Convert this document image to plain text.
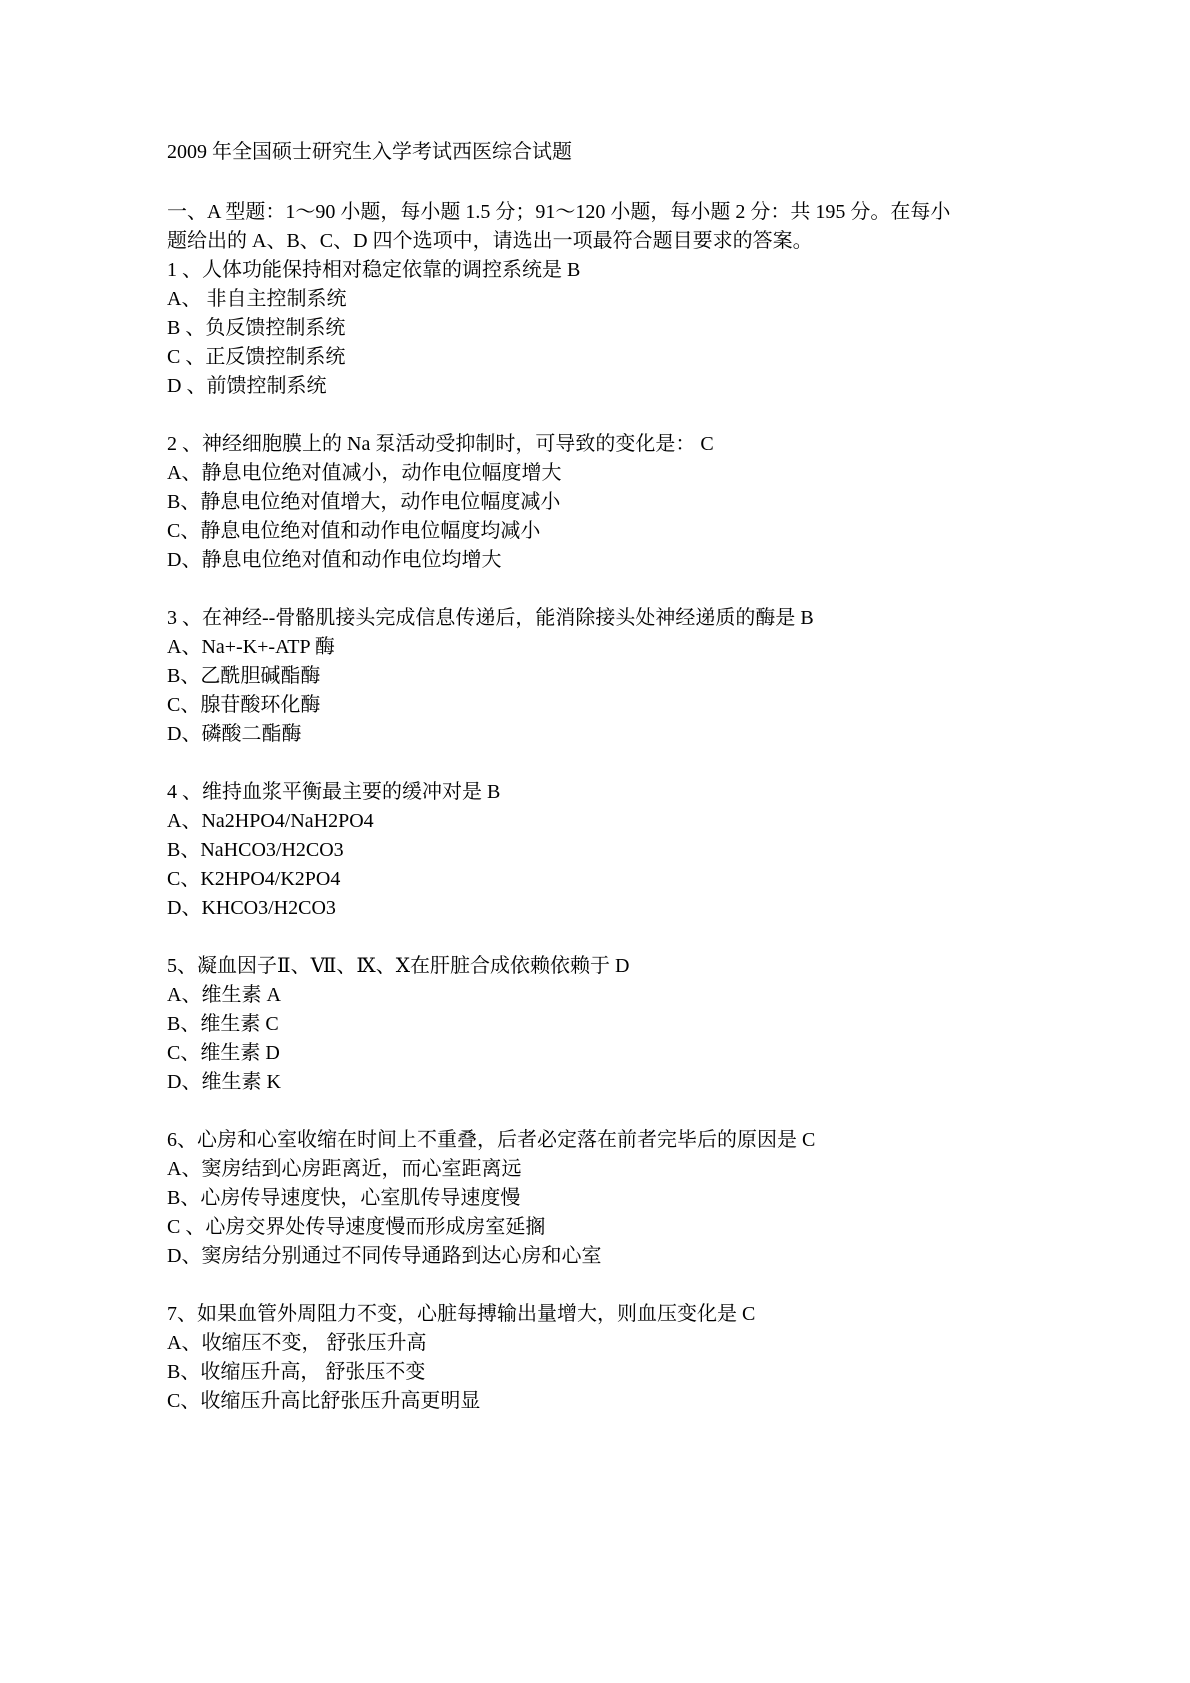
2009 年全国硕士研究生入学考试西医综合试题

一、A 型题：1～90 小题，每小题 1.5 分；91～120 小题，每小题 2 分：共 195 分。在每小

题给出的 A、B、C、D 四个选项中，请选出一项最符合题目要求的答案。

1 、人体功能保持相对稳定依靠的调控系统是 B

A、 非自主控制系统

B 、负反馈控制系统

C 、正反馈控制系统

D 、前馈控制系统

2 、神经细胞膜上的 Na 泵活动受抑制时，可导致的变化是： C

A、静息电位绝对值减小，动作电位幅度增大

B、静息电位绝对值增大，动作电位幅度减小

C、静息电位绝对值和动作电位幅度均减小

D、静息电位绝对值和动作电位均增大

3 、在神经--骨骼肌接头完成信息传递后，能消除接头处神经递质的酶是 B

A、Na+-K+-ATP 酶

B、乙酰胆碱酯酶

C、腺苷酸环化酶

D、磷酸二酯酶

4 、维持血浆平衡最主要的缓冲对是 B

A、Na2HPO4/NaH2PO4

B、NaHCO3/H2CO3

C、K2HPO4/K2PO4

D、KHCO3/H2CO3

5、凝血因子Ⅱ、Ⅶ、Ⅸ、Ⅹ在肝脏合成依赖依赖于 D

A、维生素 A

B、维生素 C

C、维生素 D

D、维生素 K

6、心房和心室收缩在时间上不重叠，后者必定落在前者完毕后的原因是 C

A、窦房结到心房距离近，而心室距离远

B、心房传导速度快，心室肌传导速度慢

C 、心房交界处传导速度慢而形成房室延搁

D、窦房结分别通过不同传导通路到达心房和心室

7、如果血管外周阻力不变，心脏每搏输出量增大，则血压变化是 C

A、收缩压不变， 舒张压升高

B、收缩压升高， 舒张压不变

C、收缩压升高比舒张压升高更明显
